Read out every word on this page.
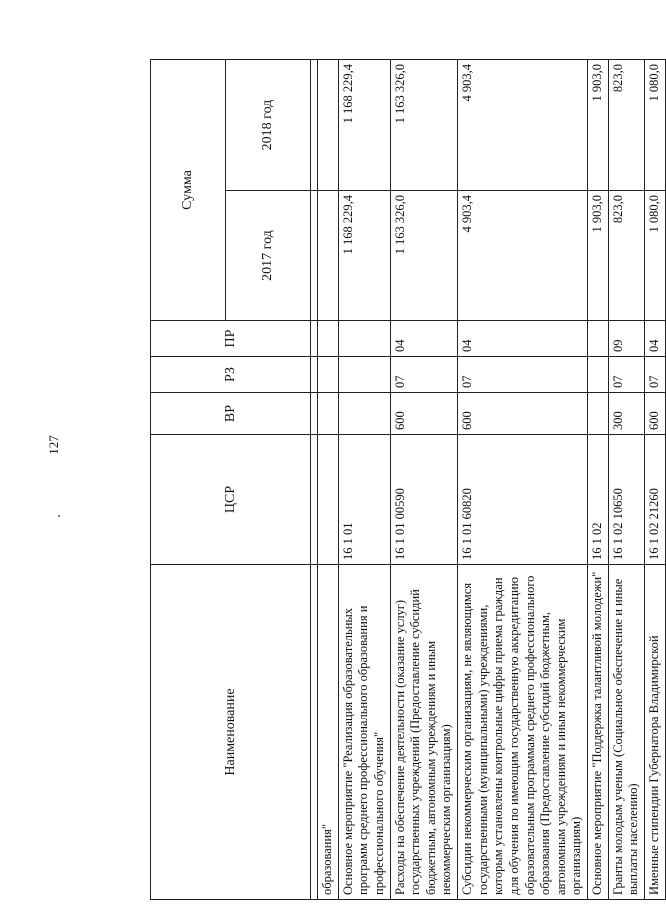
127
Наименование	ЦСР	ВР	РЗ	ПР	Сумма	
					2017 год	2018 год

образования"						
Основное мероприятие "Реализация образовательных программ среднего профессионального образования и профессионального обучения"	16 1 01				1 168 229,4	1 168 229,4
Расходы на обеспечение деятельности (оказание услуг) государственных учреждений (Предоставление субсидий бюджетным, автономным учреждениям и иным некоммерческим организациям)	16 1 01 00590	600	07	04	1 163 326,0	1 163 326,0
Субсидии некоммерческим организациям, не являющимся государственными (муниципальными) учреждениями, которым установлены контрольные цифры приема граждан для обучения по имеющим государственную аккредитацию образовательным программам среднего профессионального образования (Предоставление субсидий бюджетным, автономным учреждениям и иным некоммерческим организациям)	16 1 01 60820	600	07	04	4 903,4	4 903,4
Основное мероприятие "Поддержка талантливой молодежи"	16 1 02				1 903,0	1 903,0
Гранты молодым ученым (Социальное обеспечение и иные выплаты населению)	16 1 02 10650	300	07	09	823,0	823,0
Именные стипендии Губернатора Владимирской	16 1 02 21260	600	07	04	1 080,0	1 080,0
